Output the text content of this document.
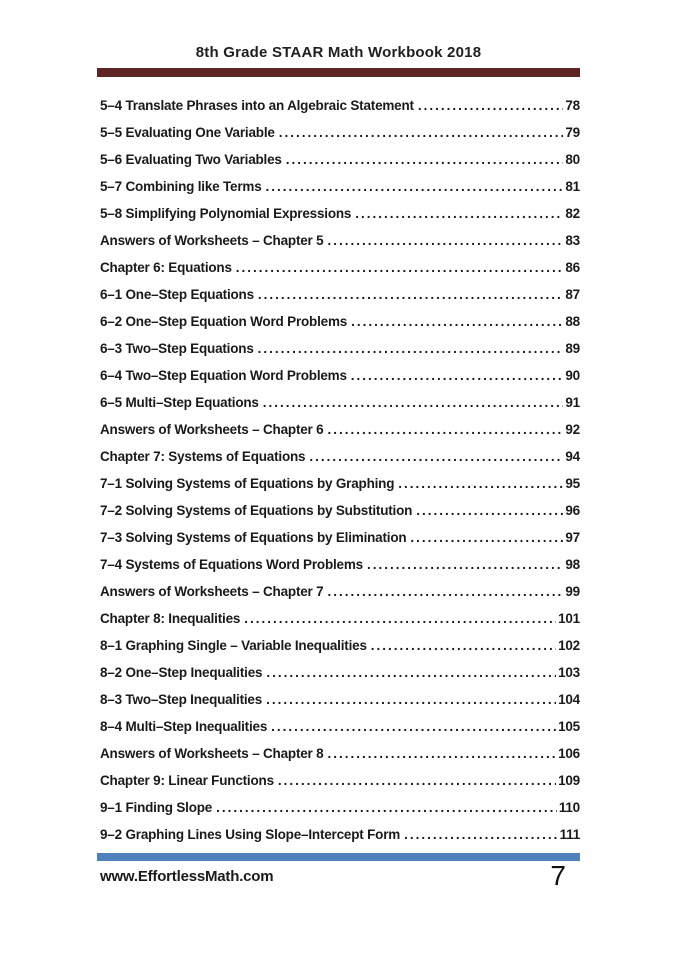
8th Grade STAAR Math Workbook 2018
5–4 Translate Phrases into an Algebraic Statement .....	78
5–5 Evaluating One Variable .....	79
5–6 Evaluating Two Variables .....	80
5–7 Combining like Terms .....	81
5–8 Simplifying Polynomial Expressions .....	82
Answers of Worksheets – Chapter 5 .....	83
Chapter 6: Equations .....	86
6–1 One–Step Equations .....	87
6–2 One–Step Equation Word Problems .....	88
6–3 Two–Step Equations .....	89
6–4 Two–Step Equation Word Problems .....	90
6–5 Multi–Step Equations .....	91
Answers of Worksheets – Chapter 6 .....	92
Chapter 7: Systems of Equations .....	94
7–1 Solving Systems of Equations by Graphing .....	95
7–2 Solving Systems of Equations by Substitution .....	96
7–3 Solving Systems of Equations by Elimination .....	97
7–4 Systems of Equations Word Problems .....	98
Answers of Worksheets – Chapter 7 .....	99
Chapter 8: Inequalities .....	101
8–1 Graphing Single – Variable Inequalities .....	102
8–2 One–Step Inequalities .....	103
8–3 Two–Step Inequalities .....	104
8–4 Multi–Step Inequalities .....	105
Answers of Worksheets – Chapter 8 .....	106
Chapter 9: Linear Functions .....	109
9–1 Finding Slope .....	110
9–2 Graphing Lines Using Slope–Intercept Form .....	111
www.EffortlessMath.com	7
